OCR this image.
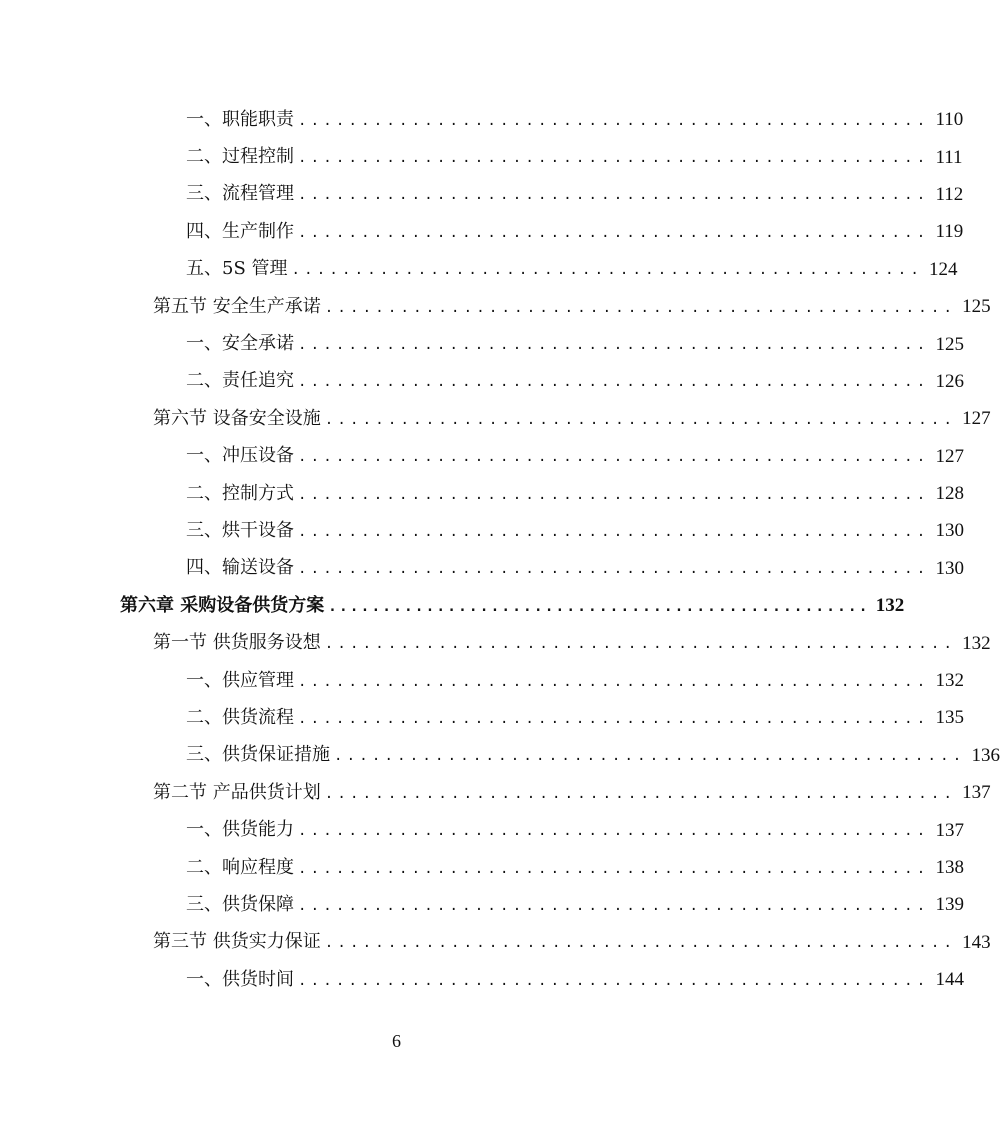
一、职能职责 .................................................. 110
二、过程控制 .................................................. 111
三、流程管理 .................................................. 112
四、生产制作 .................................................. 119
五、5S 管理 .................................................. 124
第五节 安全生产承诺 .................................................. 125
一、安全承诺 .................................................. 125
二、责任追究 .................................................. 126
第六节 设备安全设施 .................................................. 127
一、冲压设备 .................................................. 127
二、控制方式 .................................................. 128
三、烘干设备 .................................................. 130
四、输送设备 .................................................. 130
第六章 采购设备供货方案 .................................................. 132
第一节 供货服务设想 .................................................. 132
一、供应管理 .................................................. 132
二、供货流程 .................................................. 135
三、供货保证措施 .................................................. 136
第二节 产品供货计划 .................................................. 137
一、供货能力 .................................................. 137
二、响应程度 .................................................. 138
三、供货保障 .................................................. 139
第三节 供货实力保证 .................................................. 143
一、供货时间 .................................................. 144
6
